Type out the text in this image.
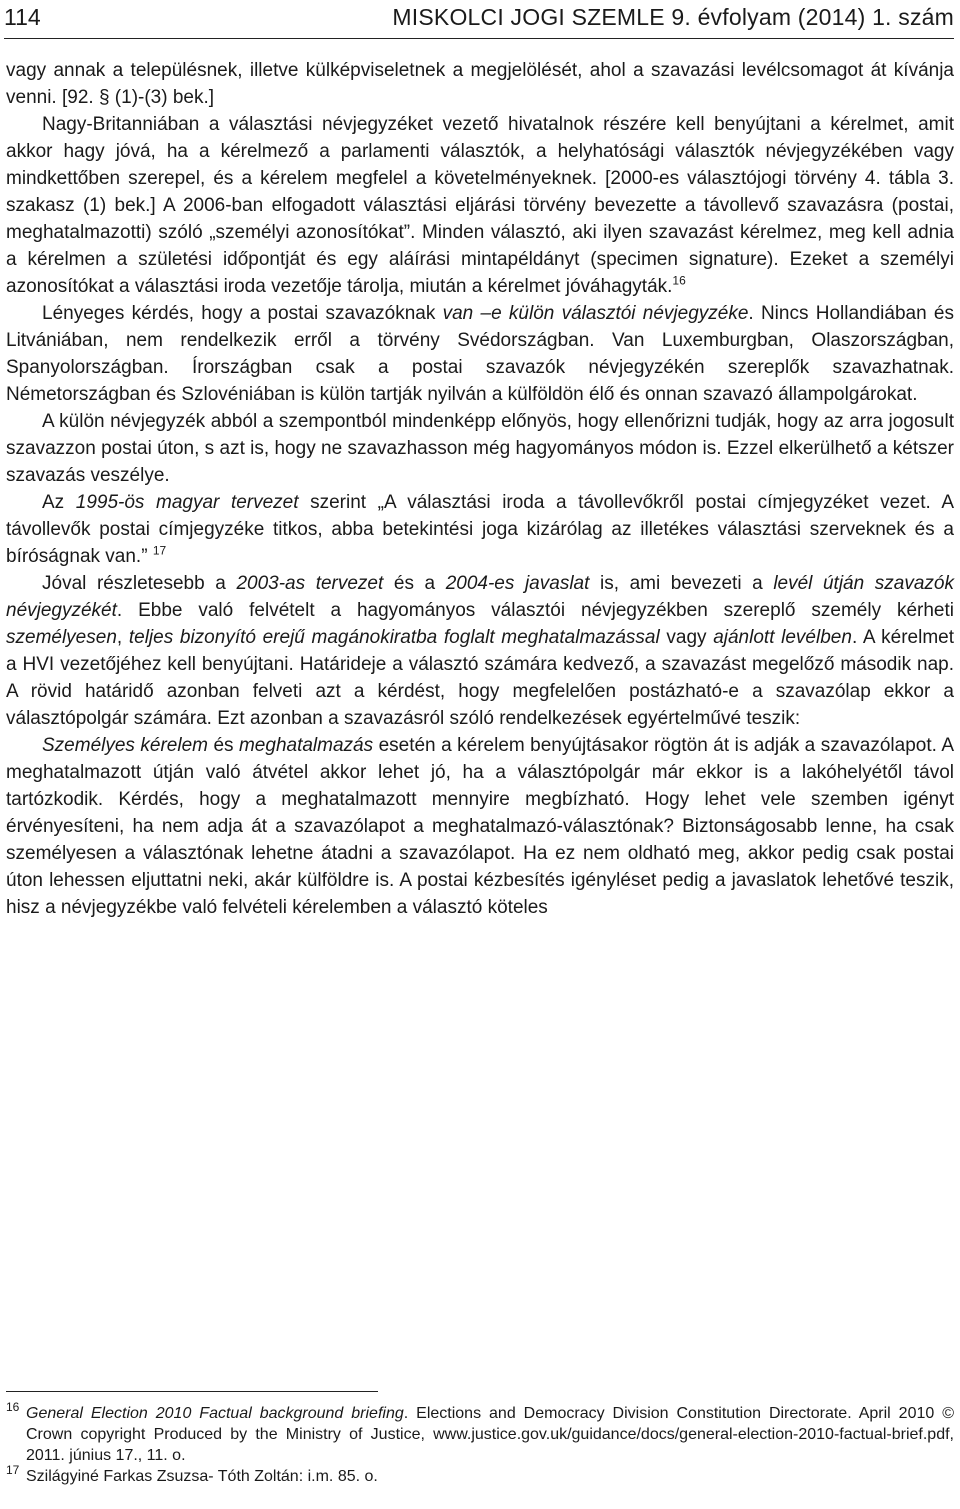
114	MISKOLCI JOGI SZEMLE 9. évfolyam (2014) 1. szám

vagy annak a településnek, illetve külképviseletnek a megjelölését, ahol a szavazási levélcsomagot át kívánja venni. [92. § (1)-(3) bek.]

Nagy-Britanniában a választási névjegyzéket vezető hivatalnok részére kell benyújtani a kérelmet, amit akkor hagy jóvá, ha a kérelmező a parlamenti választók, a helyhatósági választók névjegyzékében vagy mindkettőben szerepel, és a kérelem megfelel a követelményeknek. [2000-es választójogi törvény 4. tábla 3. szakasz (1) bek.] A 2006-ban elfogadott választási eljárási törvény bevezette a távollevő szavazásra (postai, meghatalmazotti) szóló „személyi azonosítókat”. Minden választó, aki ilyen szavazást kérelmez, meg kell adnia a kérelmen a születési időpontját és egy aláírási mintapéldányt (specimen signature). Ezeket a személyi azonosítókat a választási iroda vezetője tárolja, miután a kérelmet jóváhagyták.$^{16}$

Lényeges kérdés, hogy a postai szavazóknak van –e külön választói névjegyzéke. Nincs Hollandiában és Litvániában, nem rendelkezik erről a törvény Svédországban. Van Luxemburgban, Olaszországban, Spanyolországban. Írországban csak a postai szavazók névjegyzékén szereplők szavazhatnak. Németországban és Szlovéniában is külön tartják nyilván a külföldön élő és onnan szavazó állampolgárokat.

A külön névjegyzék abból a szempontból mindenképp előnyös, hogy ellenőrizni tudják, hogy az arra jogosult szavazzon postai úton, s azt is, hogy ne szavazhasson még hagyományos módon is. Ezzel elkerülhető a kétszer szavazás veszélye.

Az 1995-ös magyar tervezet szerint „A választási iroda a távollevőkről postai címjegyzéket vezet. A távollevők postai címjegyzéke titkos, abba betekintési joga kizárólag az illetékes választási szerveknek és a bíróságnak van.” $^{17}$

Jóval részletesebb a 2003-as tervezet és a 2004-es javaslat is, ami bevezeti a levél útján szavazók névjegyzékét. Ebbe való felvételt a hagyományos választói névjegyzékben szereplő személy kérheti személyesen, teljes bizonyító erejű magánokiratba foglalt meghatalmazással vagy ajánlott levélben. A kérelmet a HVI vezetőjéhez kell benyújtani. Határideje a választó számára kedvező, a szavazást megelőző második nap. A rövid határidő azonban felveti azt a kérdést, hogy megfelelően postázható-e a szavazólap ekkor a választópolgár számára. Ezt azonban a szavazásról szóló rendelkezések egyértelművé teszik:

Személyes kérelem és meghatalmazás esetén a kérelem benyújtásakor rögtön át is adják a szavazólapot. A meghatalmazott útján való átvétel akkor lehet jó, ha a választópolgár már ekkor is a lakóhelyétől távol tartózkodik. Kérdés, hogy a meghatalmazott mennyire megbízható. Hogy lehet vele szemben igényt érvényesíteni, ha nem adja át a szavazólapot a meghatalmazó-választónak? Biztonságosabb lenne, ha csak személyesen a választónak lehetne átadni a szavazólapot. Ha ez nem oldható meg, akkor pedig csak postai úton lehessen eljuttatni neki, akár külföldre is. A postai kézbesítés igényléset pedig a javaslatok lehetővé teszik, hisz a névjegyzékbe való felvételi kérelemben a választó köteles

16 General Election 2010 Factual background briefing. Elections and Democracy Division Constitution Directorate. April 2010 © Crown copyright Produced by the Ministry of Justice, www.justice.gov.uk/guidance/docs/general-election-2010-factual-brief.pdf, 2011. június 17., 11. o.

17 Szilágyiné Farkas Zsuzsa- Tóth Zoltán: i.m. 85. o.
